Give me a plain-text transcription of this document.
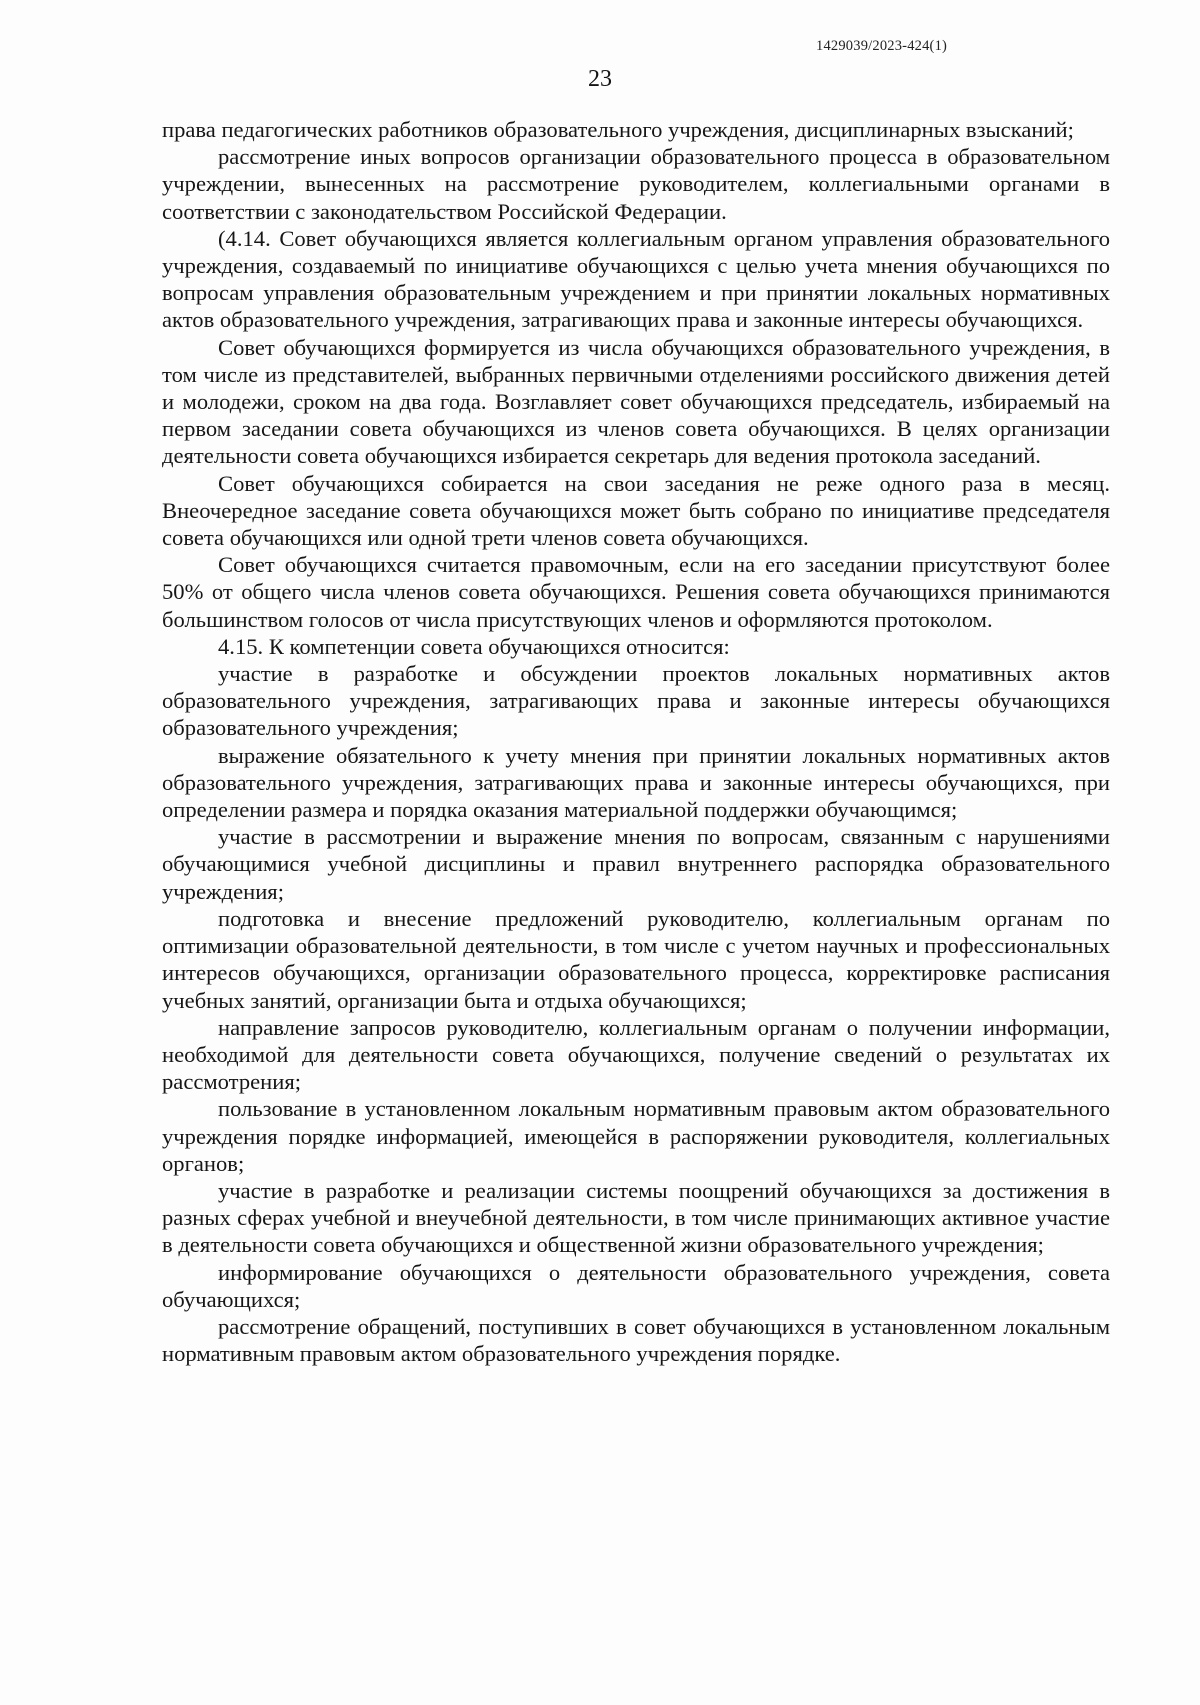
1429039/2023-424(1)
23

права педагогических работников образовательного учреждения, дисциплинарных взысканий;

рассмотрение иных вопросов организации образовательного процесса в образовательном учреждении, вынесенных на рассмотрение руководителем, коллегиальными органами в соответствии с законодательством Российской Федерации.

(4.14. Совет обучающихся является коллегиальным органом управления образовательного учреждения, создаваемый по инициативе обучающихся с целью учета мнения обучающихся по вопросам управления образовательным учреждением и при принятии локальных нормативных актов образовательного учреждения, затрагивающих права и законные интересы обучающихся.

Совет обучающихся формируется из числа обучающихся образовательного учреждения, в том числе из представителей, выбранных первичными отделениями российского движения детей и молодежи, сроком на два года. Возглавляет совет обучающихся председатель, избираемый на первом заседании совета обучающихся из членов совета обучающихся. В целях организации деятельности совета обучающихся избирается секретарь для ведения протокола заседаний.

Совет обучающихся собирается на свои заседания не реже одного раза в месяц. Внеочередное заседание совета обучающихся может быть собрано по инициативе председателя совета обучающихся или одной трети членов совета обучающихся.

Совет обучающихся считается правомочным, если на его заседании присутствуют более 50% от общего числа членов совета обучающихся. Решения совета обучающихся принимаются большинством голосов от числа присутствующих членов и оформляются протоколом.

4.15. К компетенции совета обучающихся относится:

участие в разработке и обсуждении проектов локальных нормативных актов образовательного учреждения, затрагивающих права и законные интересы обучающихся образовательного учреждения;

выражение обязательного к учету мнения при принятии локальных нормативных актов образовательного учреждения, затрагивающих права и законные интересы обучающихся, при определении размера и порядка оказания материальной поддержки обучающимся;

участие в рассмотрении и выражение мнения по вопросам, связанным с нарушениями обучающимися учебной дисциплины и правил внутреннего распорядка образовательного учреждения;

подготовка и внесение предложений руководителю, коллегиальным органам по оптимизации образовательной деятельности, в том числе с учетом научных и профессиональных интересов обучающихся, организации образовательного процесса, корректировке расписания учебных занятий, организации быта и отдыха обучающихся;

направление запросов руководителю, коллегиальным органам о получении информации, необходимой для деятельности совета обучающихся, получение сведений о результатах их рассмотрения;

пользование в установленном локальным нормативным правовым актом образовательного учреждения порядке информацией, имеющейся в распоряжении руководителя, коллегиальных органов;

участие в разработке и реализации системы поощрений обучающихся за достижения в разных сферах учебной и внеучебной деятельности, в том числе принимающих активное участие в деятельности совета обучающихся и общественной жизни образовательного учреждения;

информирование обучающихся о деятельности образовательного учреждения, совета обучающихся;

рассмотрение обращений, поступивших в совет обучающихся в установленном локальным нормативным правовым актом образовательного учреждения порядке.
